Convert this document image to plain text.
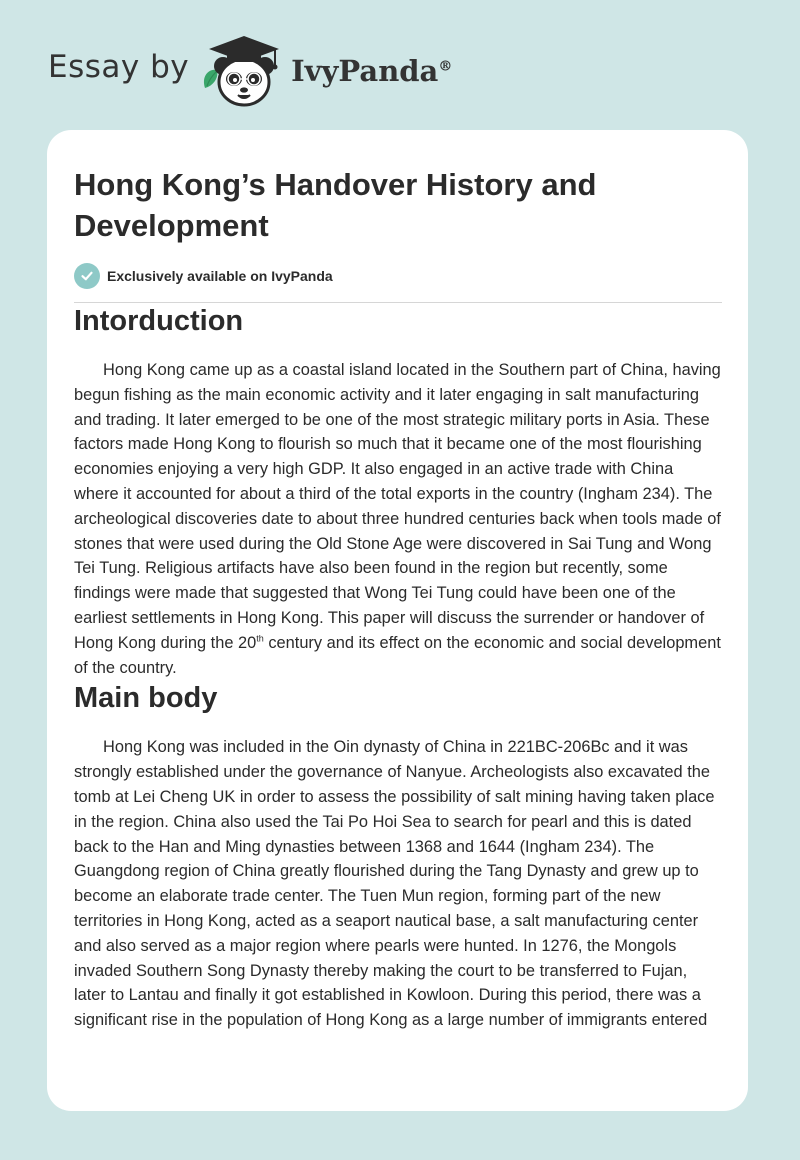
Essay by	IvyPanda®
Hong Kong’s Handover History and Development
Exclusively available on IvyPanda
Intorduction

Hong Kong came up as a coastal island located in the Southern part of China, having begun fishing as the main economic activity and it later engaging in salt manufacturing and trading. It later emerged to be one of the most strategic military ports in Asia. These factors made Hong Kong to flourish so much that it became one of the most flourishing economies enjoying a very high GDP. It also engaged in an active trade with China where it accounted for about a third of the total exports in the country (Ingham 234). The archeological discoveries date to about three hundred centuries back when tools made of stones that were used during the Old Stone Age were discovered in Sai Tung and Wong Tei Tung. Religious artifacts have also been found in the region but recently, some findings were made that suggested that Wong Tei Tung could have been one of the earliest settlements in Hong Kong. This paper will discuss the surrender or handover of Hong Kong during the 20th century and its effect on the economic and social development of the country.

Main body

Hong Kong was included in the Oin dynasty of China in 221BC-206Bc and it was strongly established under the governance of Nanyue. Archeologists also excavated the tomb at Lei Cheng UK in order to assess the possibility of salt mining having taken place in the region. China also used the Tai Po Hoi Sea to search for pearl and this is dated back to the Han and Ming dynasties between 1368 and 1644 (Ingham 234). The Guangdong region of China greatly flourished during the Tang Dynasty and grew up to become an elaborate trade center. The Tuen Mun region, forming part of the new territories in Hong Kong, acted as a seaport nautical base, a salt manufacturing center and also served as a major region where pearls were hunted. In 1276, the Mongols invaded Southern Song Dynasty thereby making the court to be transferred to Fujan, later to Lantau and finally it got established in Kowloon. During this period, there was a significant rise in the population of Hong Kong as a large number of immigrants entered
